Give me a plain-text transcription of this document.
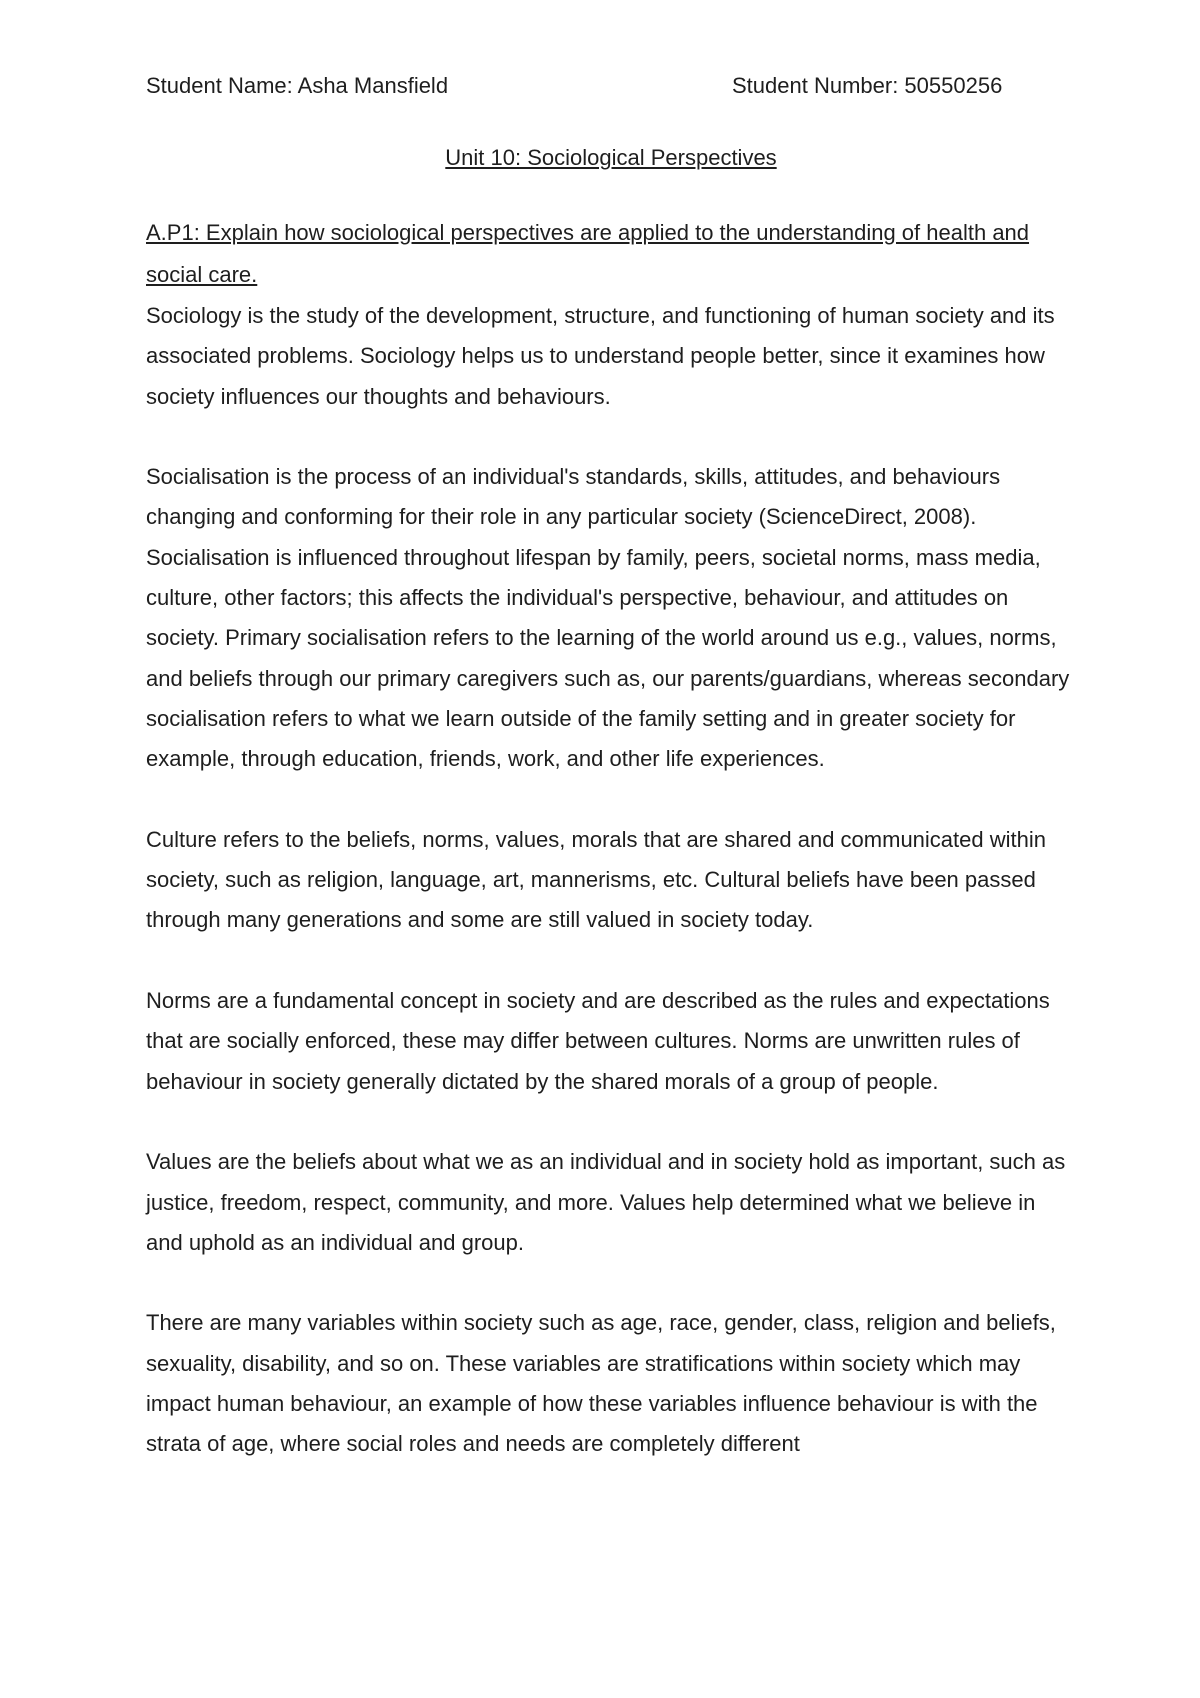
Student Name: Asha Mansfield	Student Number: 50550256
Unit 10: Sociological Perspectives
A.P1: Explain how sociological perspectives are applied to the understanding of health and social care.

Sociology is the study of the development, structure, and functioning of human society and its associated problems. Sociology helps us to understand people better, since it examines how society influences our thoughts and behaviours.

Socialisation is the process of an individual's standards, skills, attitudes, and behaviours changing and conforming for their role in any particular society (ScienceDirect, 2008). Socialisation is influenced throughout lifespan by family, peers, societal norms, mass media, culture, other factors; this affects the individual's perspective, behaviour, and attitudes on society. Primary socialisation refers to the learning of the world around us e.g., values, norms, and beliefs through our primary caregivers such as, our parents/guardians, whereas secondary socialisation refers to what we learn outside of the family setting and in greater society for example, through education, friends, work, and other life experiences.

Culture refers to the beliefs, norms, values, morals that are shared and communicated within society, such as religion, language, art, mannerisms, etc. Cultural beliefs have been passed through many generations and some are still valued in society today.

Norms are a fundamental concept in society and are described as the rules and expectations that are socially enforced, these may differ between cultures. Norms are unwritten rules of behaviour in society generally dictated by the shared morals of a group of people.

Values are the beliefs about what we as an individual and in society hold as important, such as justice, freedom, respect, community, and more. Values help determined what we believe in and uphold as an individual and group.

There are many variables within society such as age, race, gender, class, religion and beliefs, sexuality, disability, and so on. These variables are stratifications within society which may impact human behaviour, an example of how these variables influence behaviour is with the strata of age, where social roles and needs are completely different
